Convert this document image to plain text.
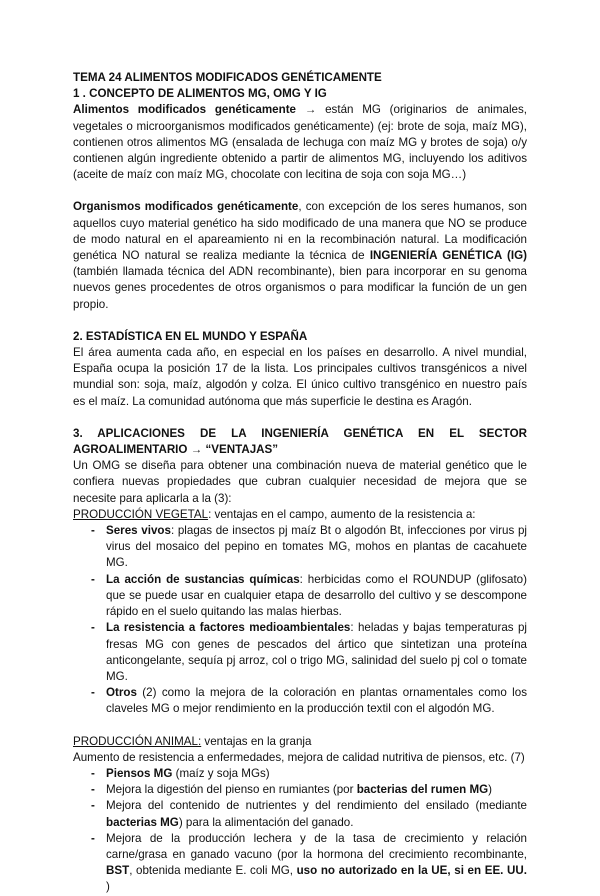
TEMA 24 ALIMENTOS MODIFICADOS GENÉTICAMENTE

1 . CONCEPTO DE ALIMENTOS MG, OMG Y IG

Alimentos modificados genéticamente → están MG (originarios de animales, vegetales o microorganismos modificados genéticamente) (ej: brote de soja, maíz MG), contienen otros alimentos MG (ensalada de lechuga con maíz MG y brotes de soja) o/y contienen algún ingrediente obtenido a partir de alimentos MG, incluyendo los aditivos (aceite de maíz con maíz MG, chocolate con lecitina de soja con soja MG…)

Organismos modificados genéticamente, con excepción de los seres humanos, son aquellos cuyo material genético ha sido modificado de una manera que NO se produce de modo natural en el apareamiento ni en la recombinación natural. La modificación genética NO natural se realiza mediante la técnica de INGENIERÍA GENÉTICA (IG) (también llamada técnica del ADN recombinante), bien para incorporar en su genoma nuevos genes procedentes de otros organismos o para modificar la función de un gen propio.

2. ESTADÍSTICA EN EL MUNDO Y ESPAÑA

El área aumenta cada año, en especial en los países en desarrollo. A nivel mundial, España ocupa la posición 17 de la lista. Los principales cultivos transgénicos a nivel mundial son: soja, maíz, algodón y colza. El único cultivo transgénico en nuestro país es el maíz. La comunidad autónoma que más superficie le destina es Aragón.

3. APLICACIONES DE LA INGENIERÍA GENÉTICA EN EL SECTOR

AGROALIMENTARIO → “VENTAJAS”

Un OMG se diseña para obtener una combinación nueva de material genético que le confiera nuevas propiedades que cubran cualquier necesidad de mejora que se necesite para aplicarla a la (3):

PRODUCCIÓN VEGETAL: ventajas en el campo, aumento de la resistencia a:

- Seres vivos: plagas de insectos pj maíz Bt o algodón Bt, infecciones por virus pj virus del mosaico del pepino en tomates MG, mohos en plantas de cacahuete MG.
- La acción de sustancias químicas: herbicidas como el ROUNDUP (glifosato) que se puede usar en cualquier etapa de desarrollo del cultivo y se descompone rápido en el suelo quitando las malas hierbas.
- La resistencia a factores medioambientales: heladas y bajas temperaturas pj fresas MG con genes de pescados del ártico que sintetizan una proteína anticongelante, sequía pj arroz, col o trigo MG, salinidad del suelo pj col o tomate MG.
- Otros (2) como la mejora de la coloración en plantas ornamentales como los claveles MG o mejor rendimiento en la producción textil con el algodón MG.

PRODUCCIÓN ANIMAL: ventajas en la granja

Aumento de resistencia a enfermedades, mejora de calidad nutritiva de piensos, etc. (7)

- Piensos MG (maíz y soja MGs)
- Mejora la digestión del pienso en rumiantes (por bacterias del rumen MG)
- Mejora del contenido de nutrientes y del rendimiento del ensilado (mediante bacterias MG) para la alimentación del ganado.
- Mejora de la producción lechera y de la tasa de crecimiento y relación carne/grasa en ganado vacuno (por la hormona del crecimiento recombinante, BST, obtenida mediante E. coli MG, uso no autorizado en la UE, si en EE. UU. )
